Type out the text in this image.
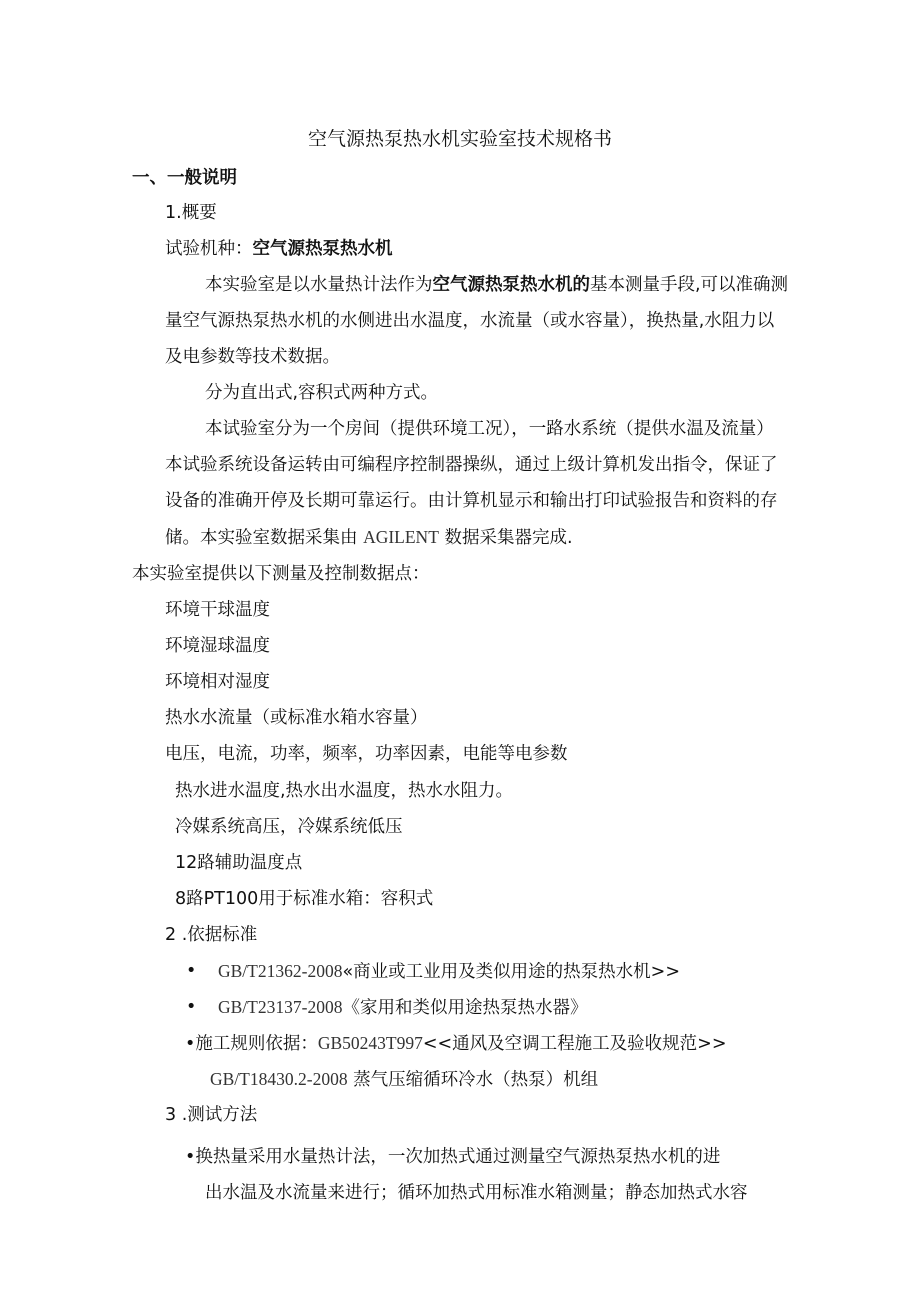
空气源热泵热水机实验室技术规格书
一、一般说明
1.概要
试验机种：空气源热泵热水机
本实验室是以水量热计法作为空气源热泵热水机的基本测量手段,可以准确测
量空气源热泵热水机的水侧进出水温度，水流量（或水容量），换热量,水阻力以
及电参数等技术数据。
分为直出式,容积式两种方式。
本试验室分为一个房间（提供环境工况），一路水系统（提供水温及流量）
本试验系统设备运转由可编程序控制器操纵，通过上级计算机发出指令，保证了
设备的准确开停及长期可靠运行。由计算机显示和输出打印试验报告和资料的存
储。本实验室数据采集由 AGILENT 数据采集器完成.
本实验室提供以下测量及控制数据点：
环境干球温度
环境湿球温度
环境相对湿度
热水水流量（或标准水箱水容量）
电压，电流，功率，频率，功率因素，电能等电参数
热水进水温度,热水出水温度，热水水阻力。
冷媒系统高压，冷媒系统低压
12路辅助温度点
8路PT100用于标准水箱：容积式
2 .依据标准
• GB/T21362-2008«商业或工业用及类似用途的热泵热水机>>
• GB/T23137-2008《家用和类似用途热泵热水器》
•施工规则依据：GB50243T997<<通风及空调工程施工及验收规范>>
GB/T18430.2-2008 蒸气压缩循环冷水（热泵）机组
3 .测试方法
•换热量采用水量热计法，一次加热式通过测量空气源热泵热水机的进
出水温及水流量来进行；循环加热式用标准水箱测量；静态加热式水容
